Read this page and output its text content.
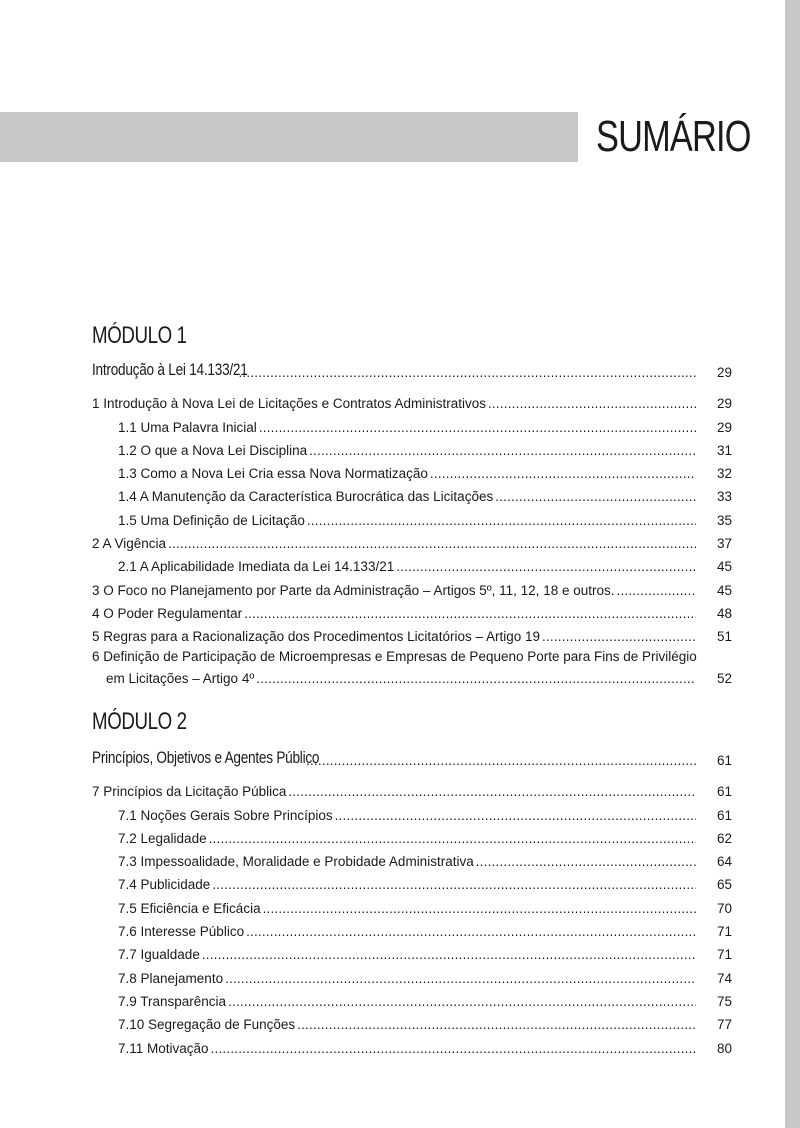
SUMÁRIO
MÓDULO 1
Introdução à Lei 14.133/21 .....	29
1 Introdução à Nova Lei de Licitações e Contratos Administrativos .....	29
1.1 Uma Palavra Inicial .....	29
1.2 O que a Nova Lei Disciplina .....	31
1.3 Como a Nova Lei Cria essa Nova Normatização .....	32
1.4 A Manutenção da Característica Burocrática das Licitações .....	33
1.5 Uma Definição de Licitação .....	35
2 A Vigência .....	37
2.1 A Aplicabilidade Imediata da Lei 14.133/21 .....	45
3 O Foco no Planejamento por Parte da Administração – Artigos 5º, 11, 12, 18 e outros. .....	45
4 O Poder Regulamentar .....	48
5 Regras para a Racionalização dos Procedimentos Licitatórios – Artigo 19 .....	51
6 Definição de Participação de Microempresas e Empresas de Pequeno Porte para Fins de Privilégio
em Licitações – Artigo 4º .....	52
MÓDULO 2
Princípios, Objetivos e Agentes Público .....	61
7 Princípios da Licitação Pública .....	61
7.1 Noções Gerais Sobre Princípios .....	61
7.2 Legalidade .....	62
7.3 Impessoalidade, Moralidade e Probidade Administrativa .....	64
7.4 Publicidade .....	65
7.5 Eficiência e Eficácia .....	70
7.6 Interesse Público .....	71
7.7 Igualdade .....	71
7.8 Planejamento .....	74
7.9 Transparência .....	75
7.10 Segregação de Funções .....	77
7.11 Motivação .....	80
